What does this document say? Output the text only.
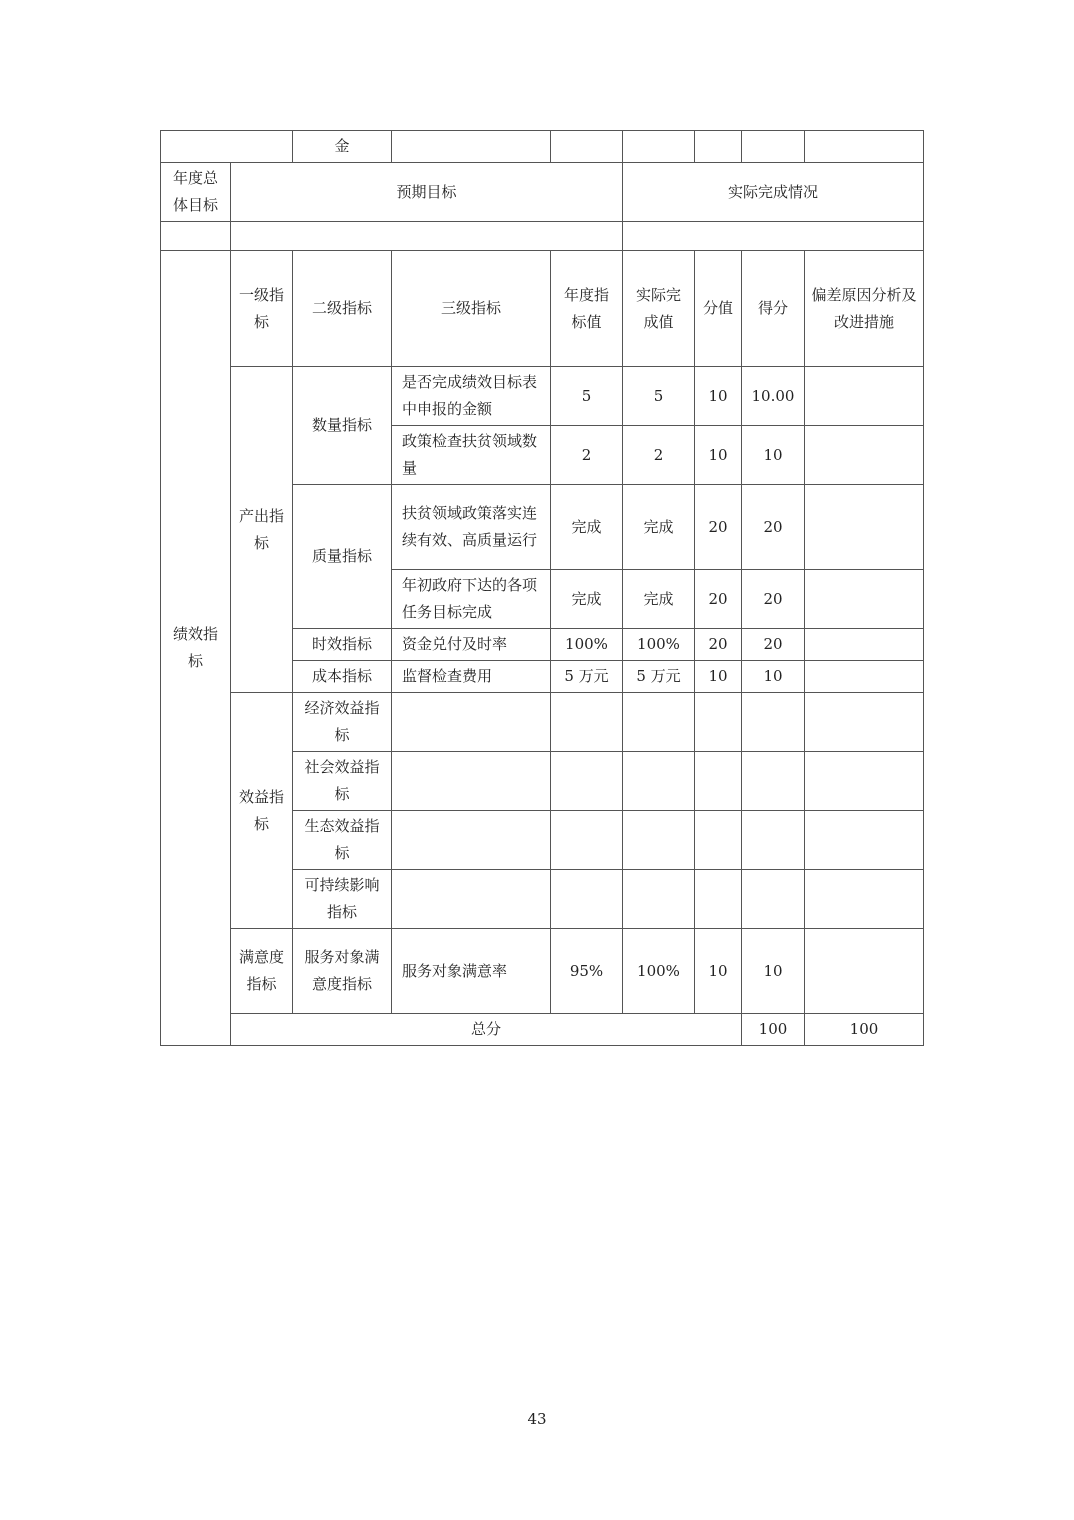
		金							
年度总体目标	预期目标				实际完成情况				

绩效指标	一级指标	二级指标	三级指标	年度指标值	实际完成值	分值	得分	偏差原因分析及改进措施	
	产出指标	数量指标	是否完成绩效目标表中申报的金额	5	5	10	10.00		
			政策检查扶贫领域数量	2	2	10	10		
		质量指标	扶贫领域政策落实连续有效、高质量运行	完成	完成	20	20		
			年初政府下达的各项任务目标完成	完成	完成	20	20		
		时效指标	资金兑付及时率	100%	100%	20	20		
		成本指标	监督检查费用	5 万元	5 万元	10	10		
	效益指标	经济效益指标							
		社会效益指标							
		生态效益指标							
		可持续影响指标							
	满意度指标	服务对象满意度指标	服务对象满意率	95%	100%	10	10		
	总分						100	100	
43
